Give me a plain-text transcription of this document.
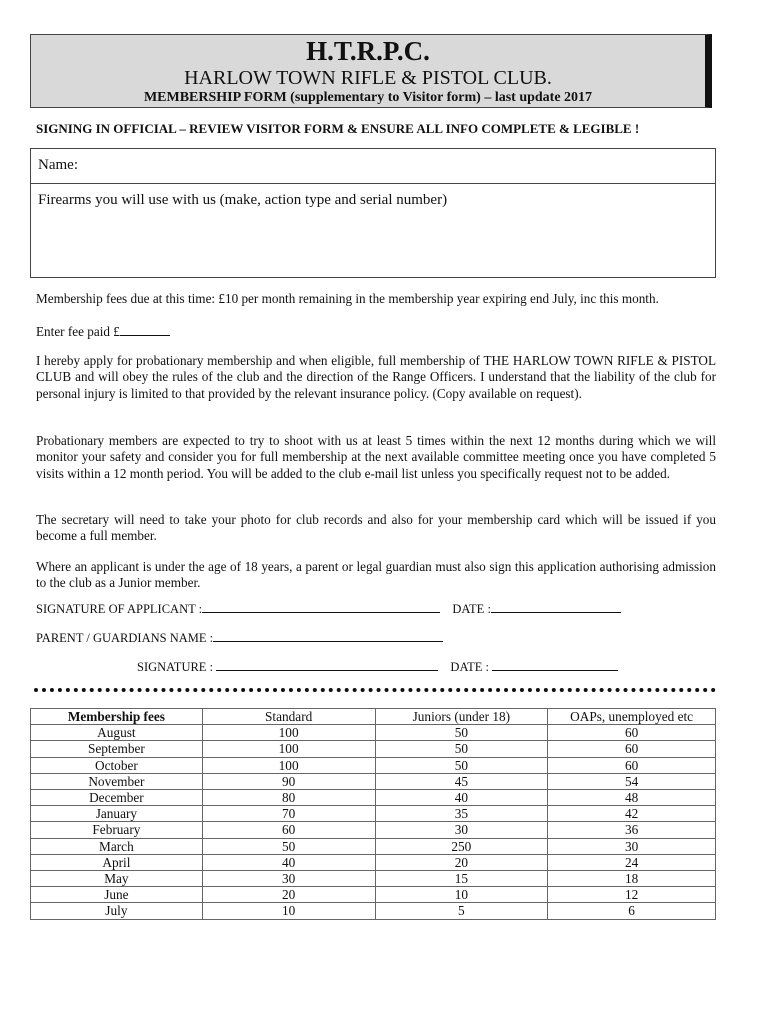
H.T.R.P.C.
HARLOW TOWN RIFLE & PISTOL CLUB.
MEMBERSHIP FORM (supplementary to Visitor form) – last update 2017
SIGNING IN OFFICIAL – REVIEW VISITOR FORM & ENSURE ALL INFO COMPLETE & LEGIBLE !
Name:
Firearms you will use with us (make, action type and serial number)
Membership fees due at this time: £10 per month remaining in the membership year expiring end July, inc this month.
Enter fee paid £
I hereby apply for probationary membership and when eligible, full membership of THE HARLOW TOWN RIFLE & PISTOL CLUB and will obey the rules of the club and the direction of the Range Officers. I understand that the liability of the club for personal injury is limited to that provided by the relevant insurance policy. (Copy available on request).
Probationary members are expected to try to shoot with us at least 5 times within the next 12 months during which we will monitor your safety and consider you for full membership at the next available committee meeting once you have completed 5 visits within a 12 month period. You will be added to the club e-mail list unless you specifically request not to be added.
The secretary will need to take your photo for club records and also for your membership card which will be issued if you become a full member.
Where an applicant is under the age of 18 years, a parent or legal guardian must also sign this application authorising admission to the club as a Junior member.
SIGNATURE OF APPLICANT :	DATE :
PARENT / GUARDIANS NAME :
SIGNATURE :	DATE :
Membership fees	Standard	Juniors (under 18)	OAPs, unemployed etc
August	100	50	60
September	100	50	60
October	100	50	60
November	90	45	54
December	80	40	48
January	70	35	42
February	60	30	36
March	50	250	30
April	40	20	24
May	30	15	18
June	20	10	12
July	10	5	6
